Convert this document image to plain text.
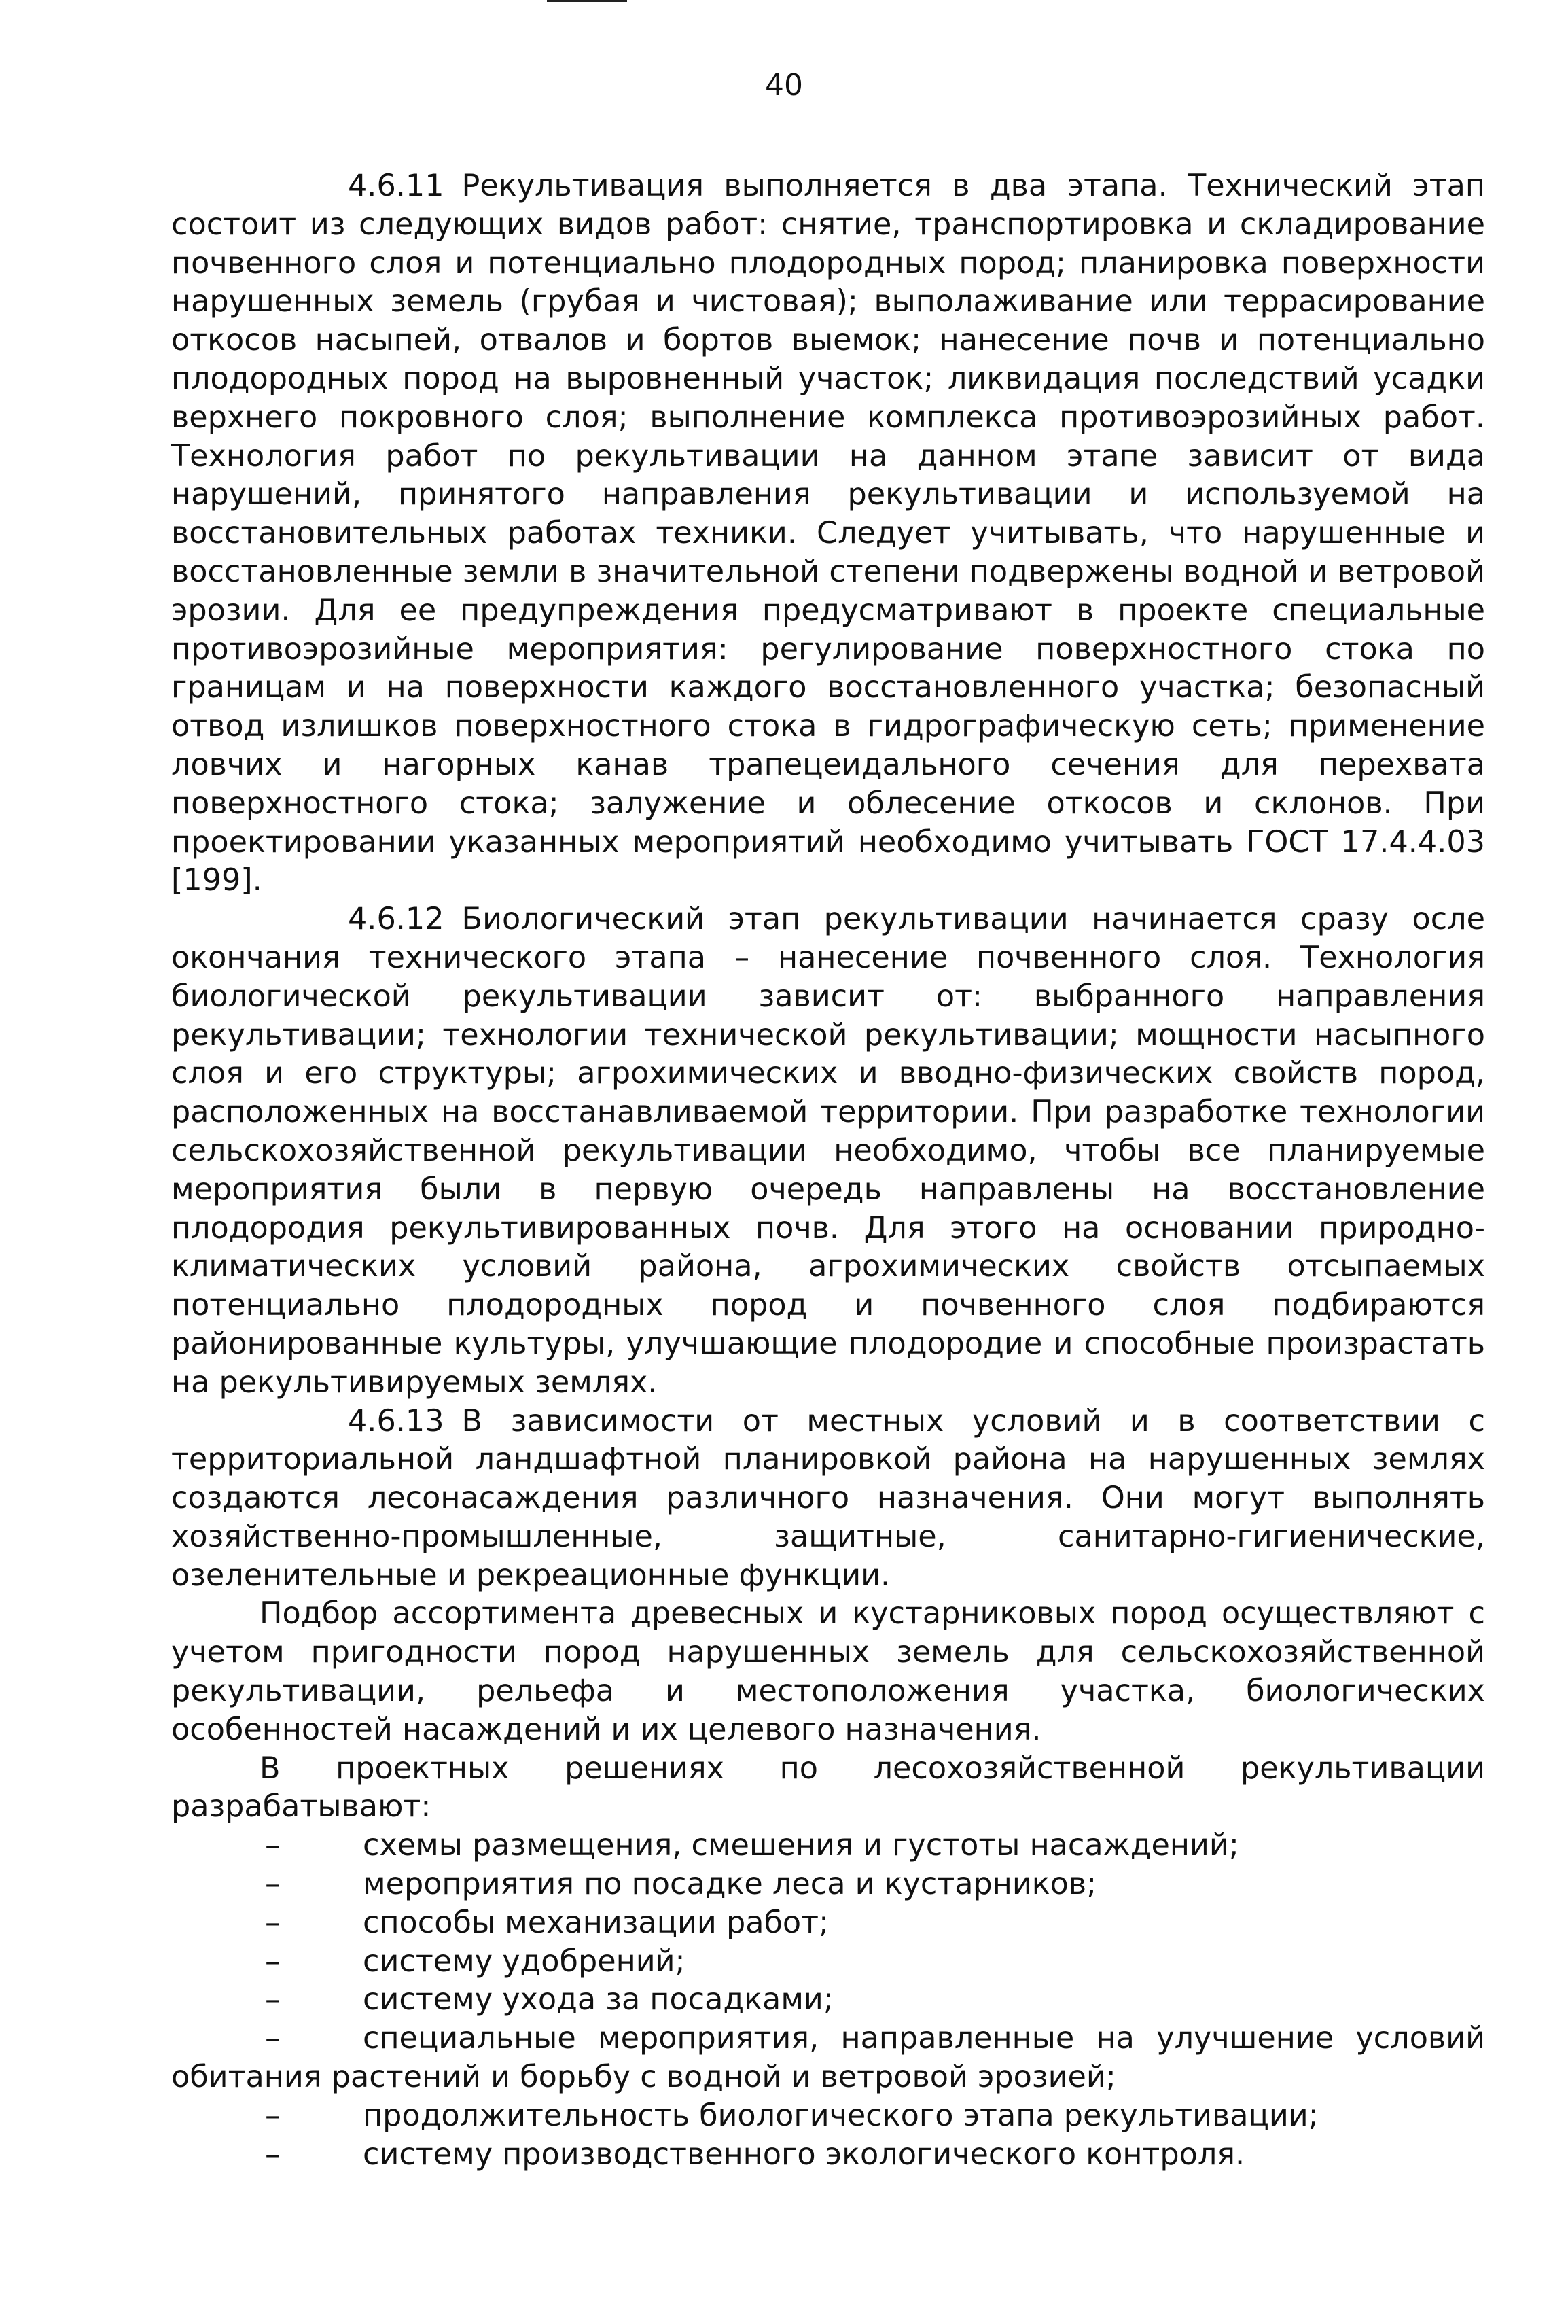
40

4.6.11 Рекультивация выполняется в два этапа. Технический этап состоит из следующих видов работ: снятие, транспортировка и складирование почвенного слоя и потенциально плодородных пород; планировка поверхности нарушенных земель (грубая и чистовая); выполаживание или террасирование откосов насыпей, отвалов и бортов выемок; нанесение почв и потенциально плодородных пород на выровненный участок; ликвидация последствий усадки верхнего покровного слоя; выполнение комплекса противоэрозийных работ. Технология работ по рекультивации на данном этапе зависит от вида нарушений, принятого направления рекультивации и используемой на восстановительных работах техники. Следует учитывать, что нарушенные и восстановленные земли в значительной степени подвержены водной и ветровой эрозии. Для ее предупреждения предусматривают в проекте специальные противоэрозийные мероприятия: регулирование поверхностного стока по границам и на поверхности каждого восстановленного участка; безопасный отвод излишков поверхностного стока в гидрографическую сеть; применение ловчих и нагорных канав трапецеидального сечения для перехвата поверхностного стока; залужение и облесение откосов и склонов. При проектировании указанных мероприятий необходимо учитывать ГОСТ 17.4.4.03 [199].

4.6.12 Биологический этап рекультивации начинается сразу осле окончания технического этапа – нанесение почвенного слоя. Технология биологической рекультивации зависит от: выбранного направления рекультивации; технологии технической рекультивации; мощности насыпного слоя и его структуры; агрохимических и вводно-физических свойств пород, расположенных на восстанавливаемой территории. При разработке технологии сельскохозяйственной рекультивации необходимо, чтобы все планируемые мероприятия были в первую очередь направлены на восстановление плодородия рекультивированных почв. Для этого на основании природно-климатических условий района, агрохимических свойств отсыпаемых потенциально плодородных пород и почвенного слоя подбираются районированные культуры, улучшающие плодородие и способные произрастать на рекультивируемых землях.

4.6.13 В зависимости от местных условий и в соответствии с территориальной ландшафтной планировкой района на нарушенных землях создаются лесонасаждения различного назначения. Они могут выполнять хозяйственно-промышленные, защитные, санитарно-гигиенические, озеленительные и рекреационные функции.

Подбор ассортимента древесных и кустарниковых пород осуществляют с учетом пригодности пород нарушенных земель для сельскохозяйственной рекультивации, рельефа и местоположения участка, биологических особенностей насаждений и их целевого назначения.

В проектных решениях по лесохозяйственной рекультивации разрабатывают:

–	схемы размещения, смешения и густоты насаждений;
–	мероприятия по посадке леса и кустарников;
–	способы механизации работ;
–	систему удобрений;
–	систему ухода за посадками;
–	специальные мероприятия, направленные на улучшение условий обитания растений и борьбу с водной и ветровой эрозией;
–	продолжительность биологического этапа рекультивации;
–	систему производственного экологического контроля.
